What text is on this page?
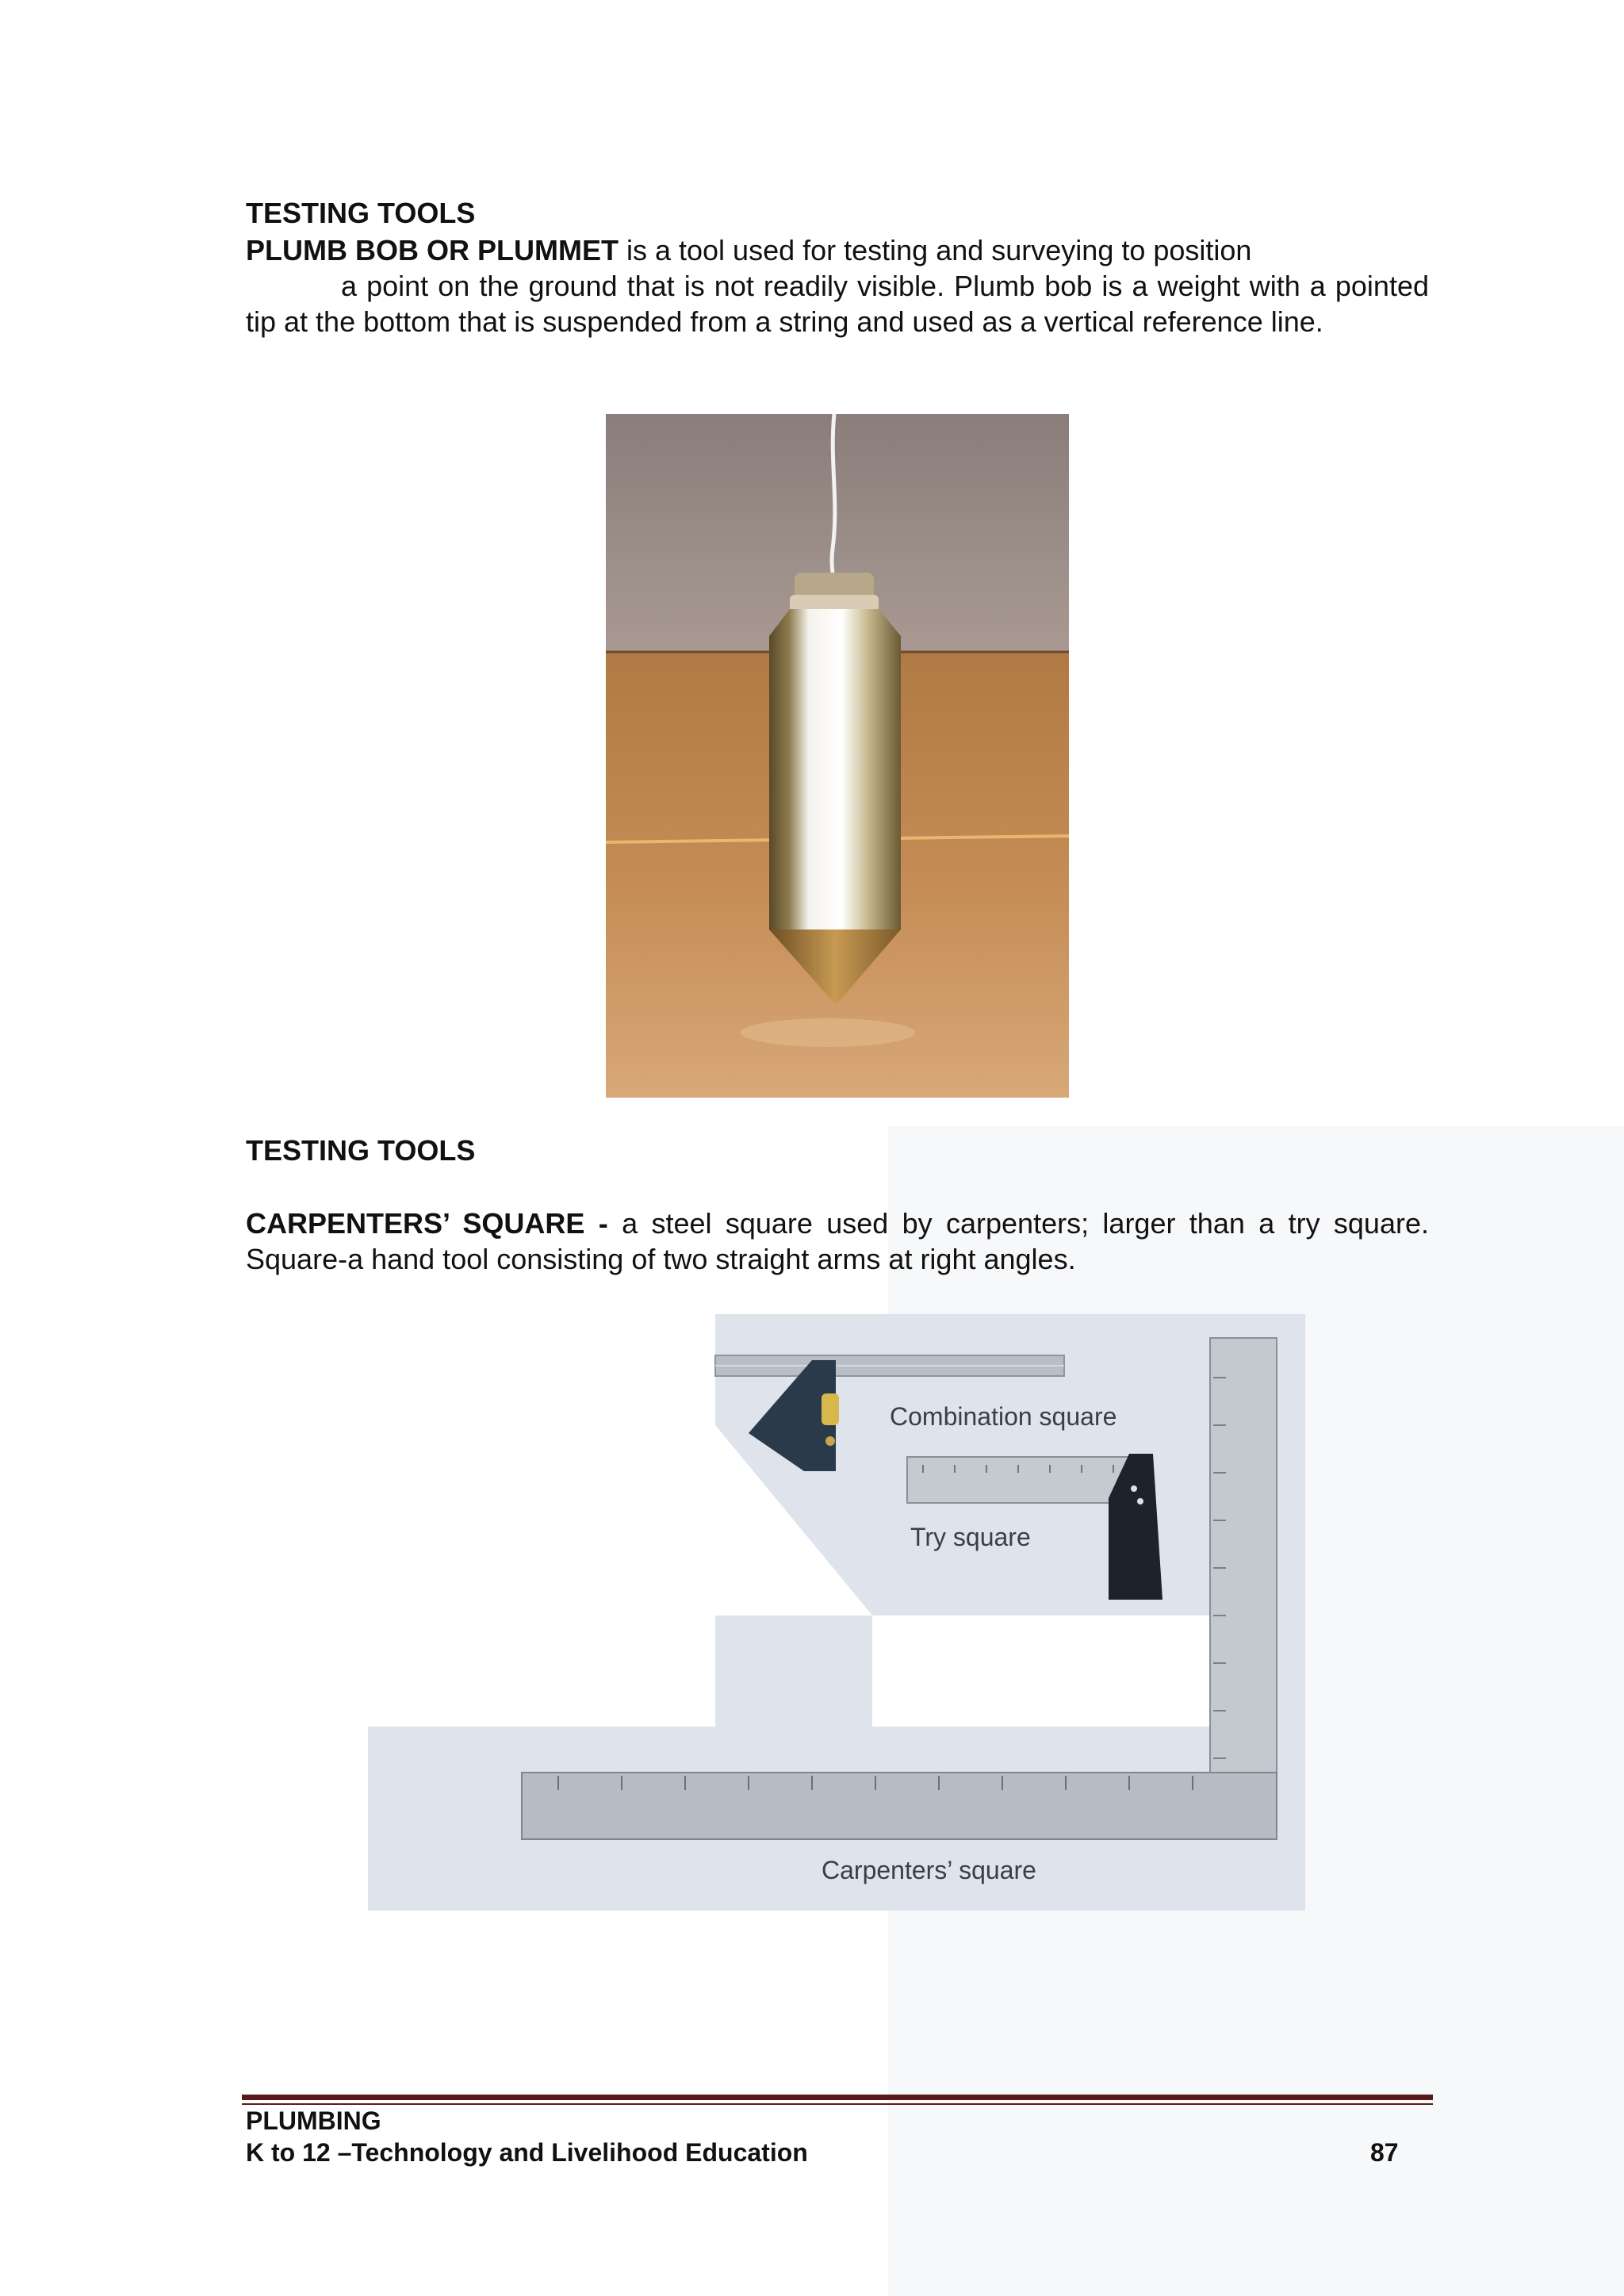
TESTING TOOLS

PLUMB BOB OR PLUMMET is a tool used for testing and surveying to position
a point on the ground that is not readily visible. Plumb bob is a weight with a pointed tip at the bottom that is suspended from a string and used as a vertical reference line.

TESTING TOOLS

CARPENTERS’ SQUARE - a steel square used by carpenters; larger than a try square. Square-a hand tool consisting of two straight arms at right angles.

Combination square
Try square
Carpenters’ square

PLUMBING

K to 12 –Technology and Livelihood Education	87
